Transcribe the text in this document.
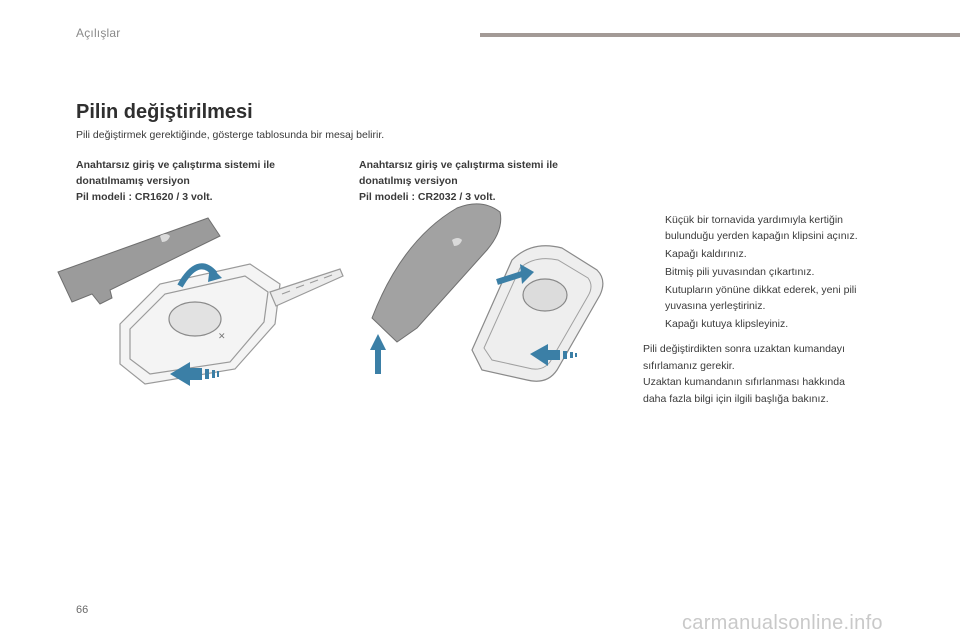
Açılışlar
Pilin değiştirilmesi
Pili değiştirmek gerektiğinde, gösterge tablosunda bir mesaj belirir.
Anahtarsız giriş ve çalıştırma sistemi ile
donatılmamış versiyon
Pil modeli : CR1620 / 3 volt.
Anahtarsız giriş ve çalıştırma sistemi ile
donatılmış versiyon
Pil modeli : CR2032 / 3 volt.
✕
Küçük bir tornavida yardımıyla kertiğin
bulunduğu yerden kapağın klipsini açınız.
Kapağı kaldırınız.
Bitmiş pili yuvasından çıkartınız.
Kutupların yönüne dikkat ederek, yeni pili
yuvasına yerleştiriniz.
Kapağı kutuya klipsleyiniz.
Pili değiştirdikten sonra uzaktan kumandayı
sıfırlamanız gerekir.
Uzaktan kumandanın sıfırlanması hakkında
daha fazla bilgi için ilgili başlığa bakınız.
66
carmanualsonline.info
